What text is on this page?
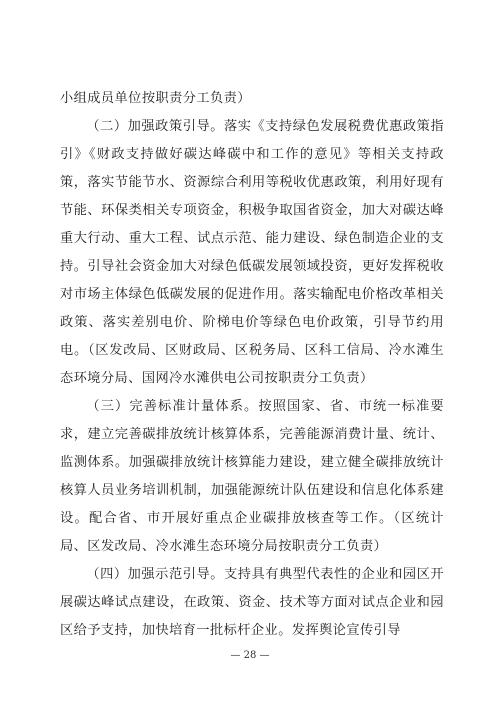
小组成员单位按职责分工负责）

（二）加强政策引导。落实《支持绿色发展税费优惠政策指引》《财政支持做好碳达峰碳中和工作的意见》等相关支持政策，落实节能节水、资源综合利用等税收优惠政策，利用好现有节能、环保类相关专项资金，积极争取国省资金，加大对碳达峰重大行动、重大工程、试点示范、能力建设、绿色制造企业的支持。引导社会资金加大对绿色低碳发展领域投资，更好发挥税收对市场主体绿色低碳发展的促进作用。落实输配电价格改革相关政策、落实差别电价、阶梯电价等绿色电价政策，引导节约用电。（区发改局、区财政局、区税务局、区科工信局、冷水滩生态环境分局、国网冷水滩供电公司按职责分工负责）

（三）完善标准计量体系。按照国家、省、市统一标准要求，建立完善碳排放统计核算体系，完善能源消费计量、统计、监测体系。加强碳排放统计核算能力建设，建立健全碳排放统计核算人员业务培训机制，加强能源统计队伍建设和信息化体系建设。配合省、市开展好重点企业碳排放核查等工作。（区统计局、区发改局、冷水滩生态环境分局按职责分工负责）

（四）加强示范引导。支持具有典型代表性的企业和园区开展碳达峰试点建设，在政策、资金、技术等方面对试点企业和园区给予支持，加快培育一批标杆企业。发挥舆论宣传引导

— 28 —
